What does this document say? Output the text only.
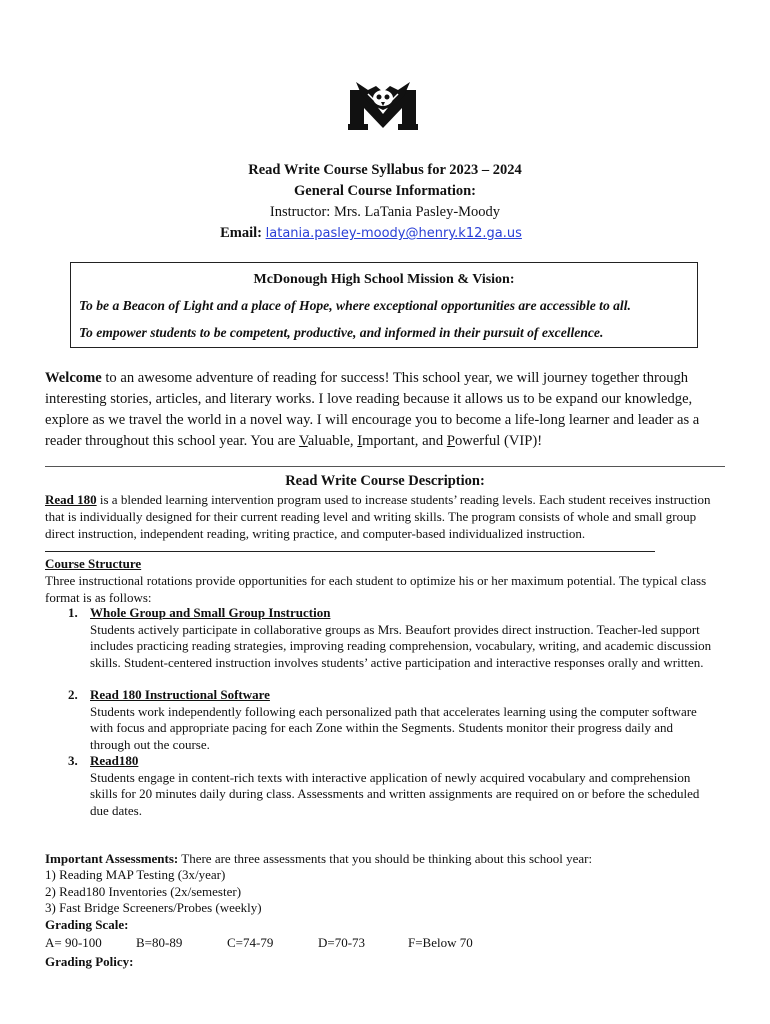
Read Write Course Syllabus for 2023 – 2024
General Course Information:
Instructor: Mrs. LaTania Pasley-Moody
Email: latania.pasley-moody@henry.k12.ga.us
McDonough High School Mission & Vision:
To be a Beacon of Light and a place of Hope, where exceptional opportunities are accessible to all.
To empower students to be competent, productive, and informed in their pursuit of excellence.
Welcome to an awesome adventure of reading for success! This school year, we will journey together through interesting stories, articles, and literary works. I love reading because it allows us to be expand our knowledge, explore as we travel the world in a novel way. I will encourage you to become a life-long learner and leader as a reader throughout this school year. You are Valuable, Important, and Powerful (VIP)!
Read Write Course Description:
Read 180 is a blended learning intervention program used to increase students’ reading levels. Each student receives instruction that is individually designed for their current reading level and writing skills. The program consists of whole and small group direct instruction, independent reading, writing practice, and computer-based individualized instruction.
Course Structure
Three instructional rotations provide opportunities for each student to optimize his or her maximum potential. The typical class format is as follows:
1. Whole Group and Small Group Instruction
Students actively participate in collaborative groups as Mrs. Beaufort provides direct instruction. Teacher-led support includes practicing reading strategies, improving reading comprehension, vocabulary, writing, and academic discussion skills. Student-centered instruction involves students’ active participation and interactive responses orally and written.
2. Read 180 Instructional Software
Students work independently following each personalized path that accelerates learning using the computer software with focus and appropriate pacing for each Zone within the Segments. Students monitor their progress daily and through out the course.
3. Read180
Students engage in content-rich texts with interactive application of newly acquired vocabulary and comprehension skills for 20 minutes daily during class. Assessments and written assignments are required on or before the scheduled due dates.
Important Assessments: There are three assessments that you should be thinking about this school year:
1) Reading MAP Testing (3x/year)
2) Read180 Inventories (2x/semester)
3) Fast Bridge Screeners/Probes (weekly)
Grading Scale:
A= 90-100	B=80-89	C=74-79	D=70-73	F=Below 70
Grading Policy:
